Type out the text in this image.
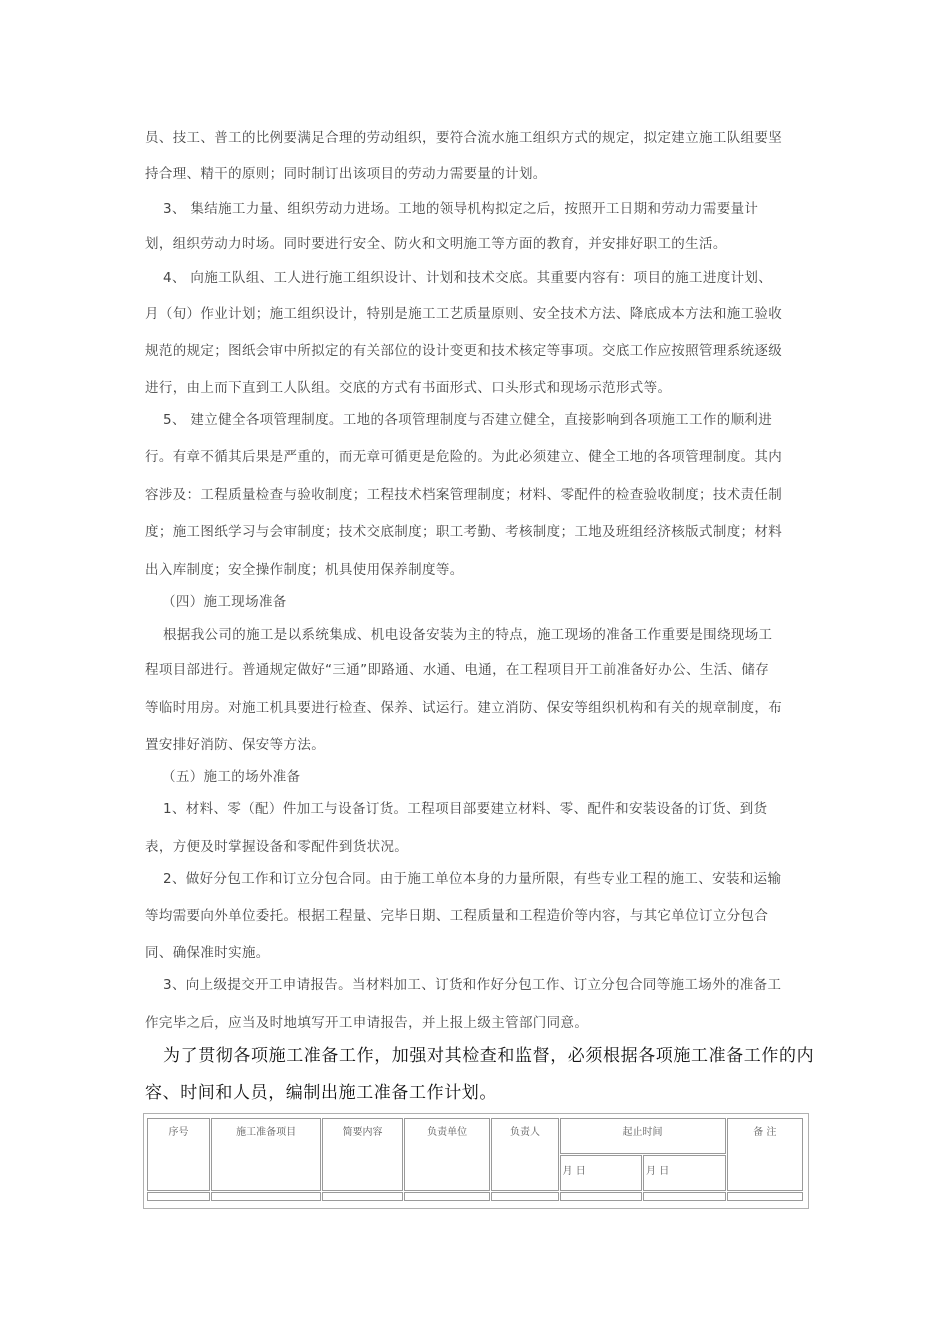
员、技工、普工的比例要满足合理的劳动组织，要符合流水施工组织方式的规定，拟定建立施工队组要坚
持合理、精干的原则；同时制订出该项目的劳动力需要量的计划。
3、 集结施工力量、组织劳动力进场。工地的领导机构拟定之后，按照开工日期和劳动力需要量计
划，组织劳动力时场。同时要进行安全、防火和文明施工等方面的教育，并安排好职工的生活。
4、 向施工队组、工人进行施工组织设计、计划和技术交底。其重要内容有：项目的施工进度计划、
月（旬）作业计划；施工组织设计，特别是施工工艺质量原则、安全技术方法、降底成本方法和施工验收
规范的规定；图纸会审中所拟定的有关部位的设计变更和技术核定等事项。交底工作应按照管理系统逐级
进行，由上而下直到工人队组。交底的方式有书面形式、口头形式和现场示范形式等。
5、 建立健全各项管理制度。工地的各项管理制度与否建立健全，直接影响到各项施工工作的顺利进
行。有章不循其后果是严重的，而无章可循更是危险的。为此必须建立、健全工地的各项管理制度。其内
容涉及：工程质量检查与验收制度；工程技术档案管理制度；材料、零配件的检查验收制度；技术责任制
度；施工图纸学习与会审制度；技术交底制度；职工考勤、考核制度；工地及班组经济核版式制度；材料
出入库制度；安全操作制度；机具使用保养制度等。
（四）施工现场准备
根据我公司的施工是以系统集成、机电设备安装为主的特点，施工现场的准备工作重要是围绕现场工
程项目部进行。普通规定做好“三通”即路通、水通、电通，在工程项目开工前准备好办公、生活、储存
等临时用房。对施工机具要进行检查、保养、试运行。建立消防、保安等组织机构和有关的规章制度，布
置安排好消防、保安等方法。
（五）施工的场外准备
1、材料、零（配）件加工与设备订货。工程项目部要建立材料、零、配件和安装设备的订货、到货
表，方便及时掌握设备和零配件到货状况。
2、做好分包工作和订立分包合同。由于施工单位本身的力量所限，有些专业工程的施工、安装和运输
等均需要向外单位委托。根据工程量、完毕日期、工程质量和工程造价等内容，与其它单位订立分包合
同、确保准时实施。
3、向上级提交开工申请报告。当材料加工、订货和作好分包工作、订立分包合同等施工场外的准备工
作完毕之后，应当及时地填写开工申请报告，并上报上级主管部门同意。
为了贯彻各项施工准备工作，加强对其检查和监督，必须根据各项施工准备工作的内
容、时间和人员，编制出施工准备工作计划。
序号	施工准备项目	简要内容	负责单位	负责人	起止时间		备 注
					月 日	月 日	
